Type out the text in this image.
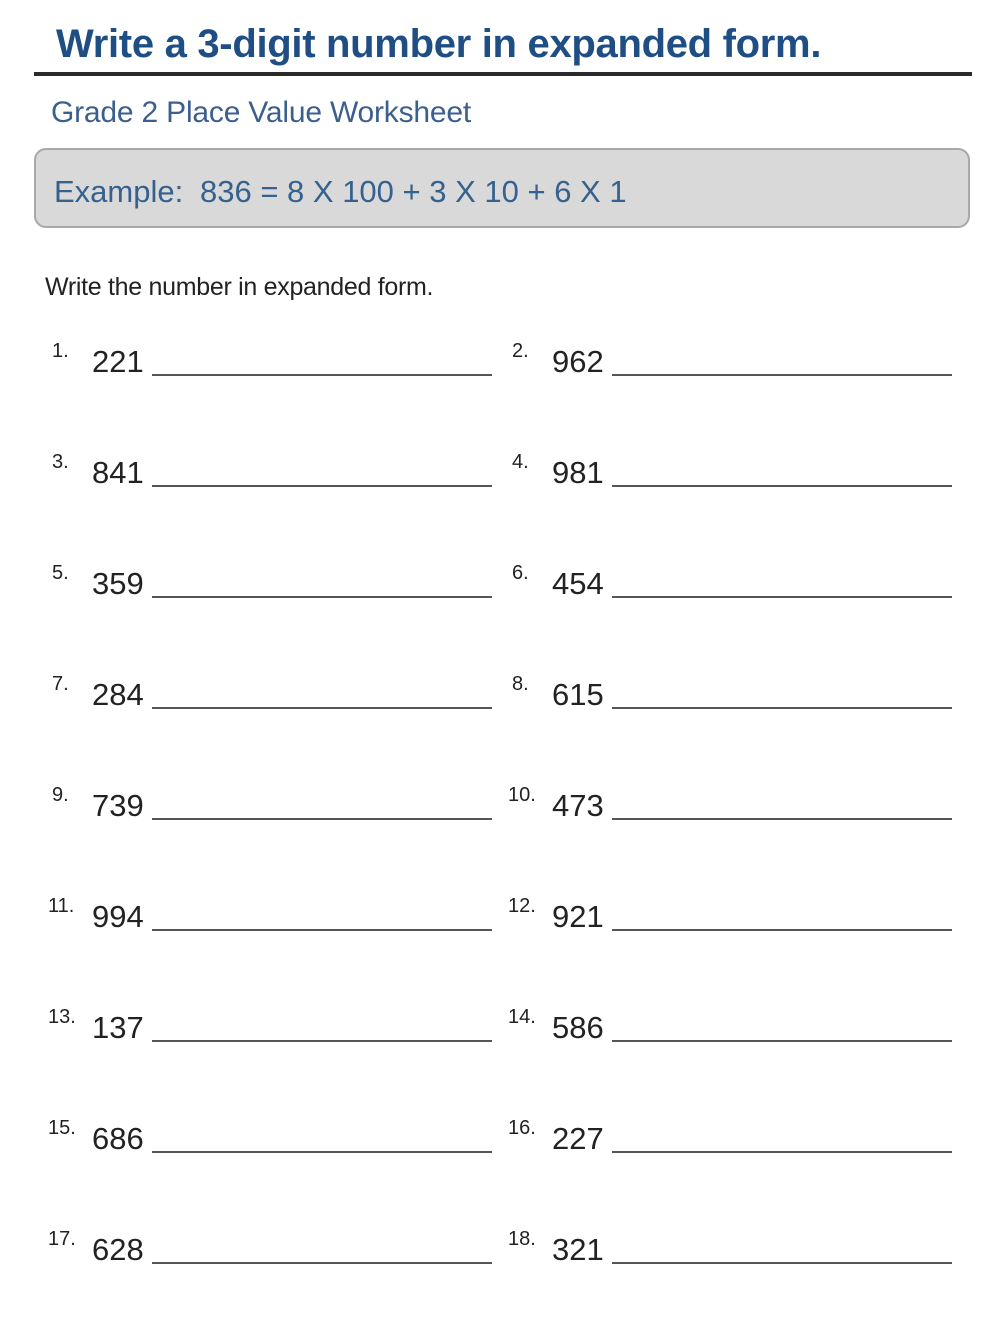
Write a 3-digit number in expanded form.
Grade 2 Place Value Worksheet
Example: 836 = 8 X 100 + 3 X 10 + 6 X 1
Write the number in expanded form.
1. 221	2. 962
3. 841	4. 981
5. 359	6. 454
7. 284	8. 615
9. 739	10. 473
11. 994	12. 921
13. 137	14. 586
15. 686	16. 227
17. 628	18. 321
